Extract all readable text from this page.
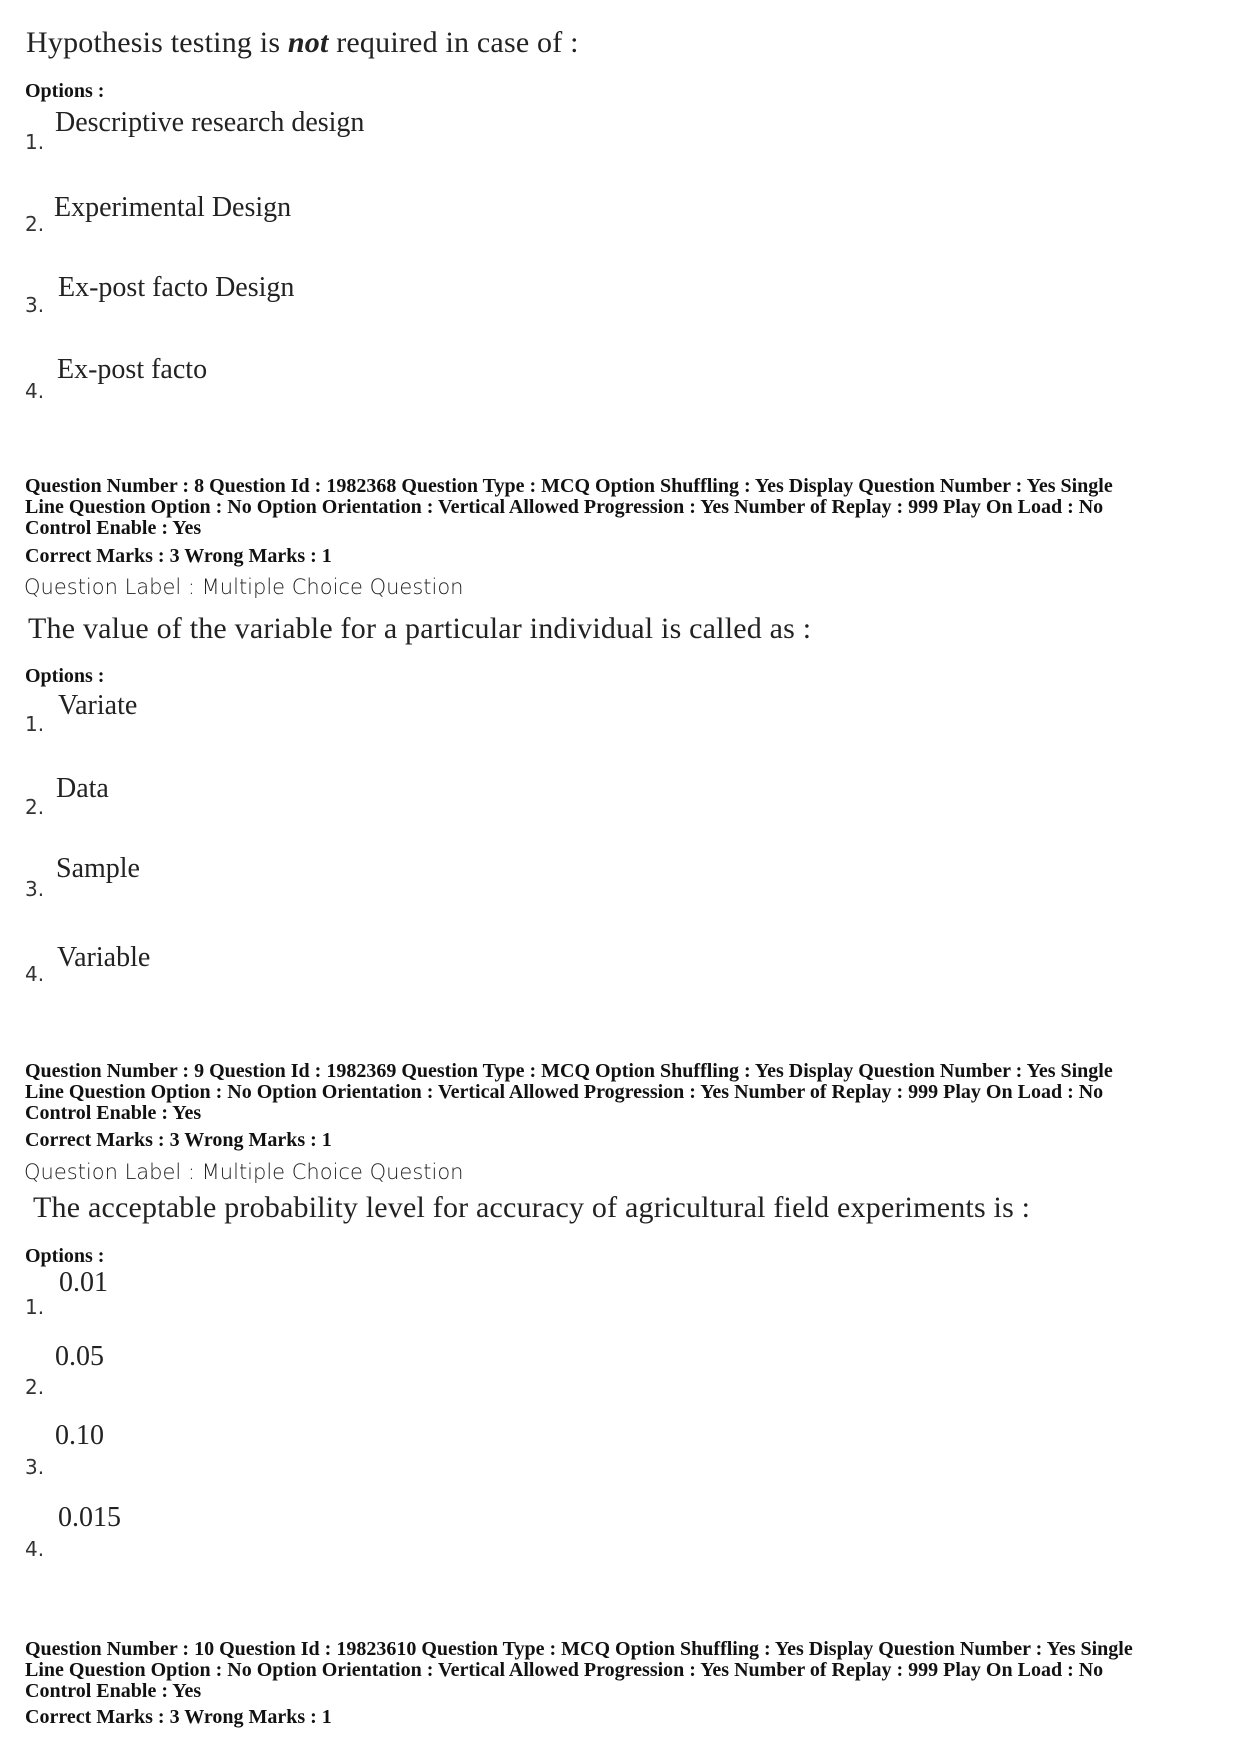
Hypothesis testing is not required in case of :
Options :
1.
Descriptive research design
2.
Experimental Design
3.
Ex-post facto Design
4.
Ex-post facto
Question Number : 8 Question Id : 1982368 Question Type : MCQ Option Shuffling : Yes Display Question Number : Yes Single
Line Question Option : No Option Orientation : Vertical Allowed Progression : Yes Number of Replay : 999 Play On Load : No
Control Enable : Yes
Correct Marks : 3 Wrong Marks : 1
Question Label : Multiple Choice Question
The value of the variable for a particular individual is called as :
Options :
1.
Variate
2.
Data
3.
Sample
4.
Variable
Question Number : 9 Question Id : 1982369 Question Type : MCQ Option Shuffling : Yes Display Question Number : Yes Single
Line Question Option : No Option Orientation : Vertical Allowed Progression : Yes Number of Replay : 999 Play On Load : No
Control Enable : Yes
Correct Marks : 3 Wrong Marks : 1
Question Label : Multiple Choice Question
The acceptable probability level for accuracy of agricultural field experiments is :
Options :
1.
0.01
2.
0.05
3.
0.10
4.
0.015
Question Number : 10 Question Id : 19823610 Question Type : MCQ Option Shuffling : Yes Display Question Number : Yes Single
Line Question Option : No Option Orientation : Vertical Allowed Progression : Yes Number of Replay : 999 Play On Load : No
Control Enable : Yes
Correct Marks : 3 Wrong Marks : 1
